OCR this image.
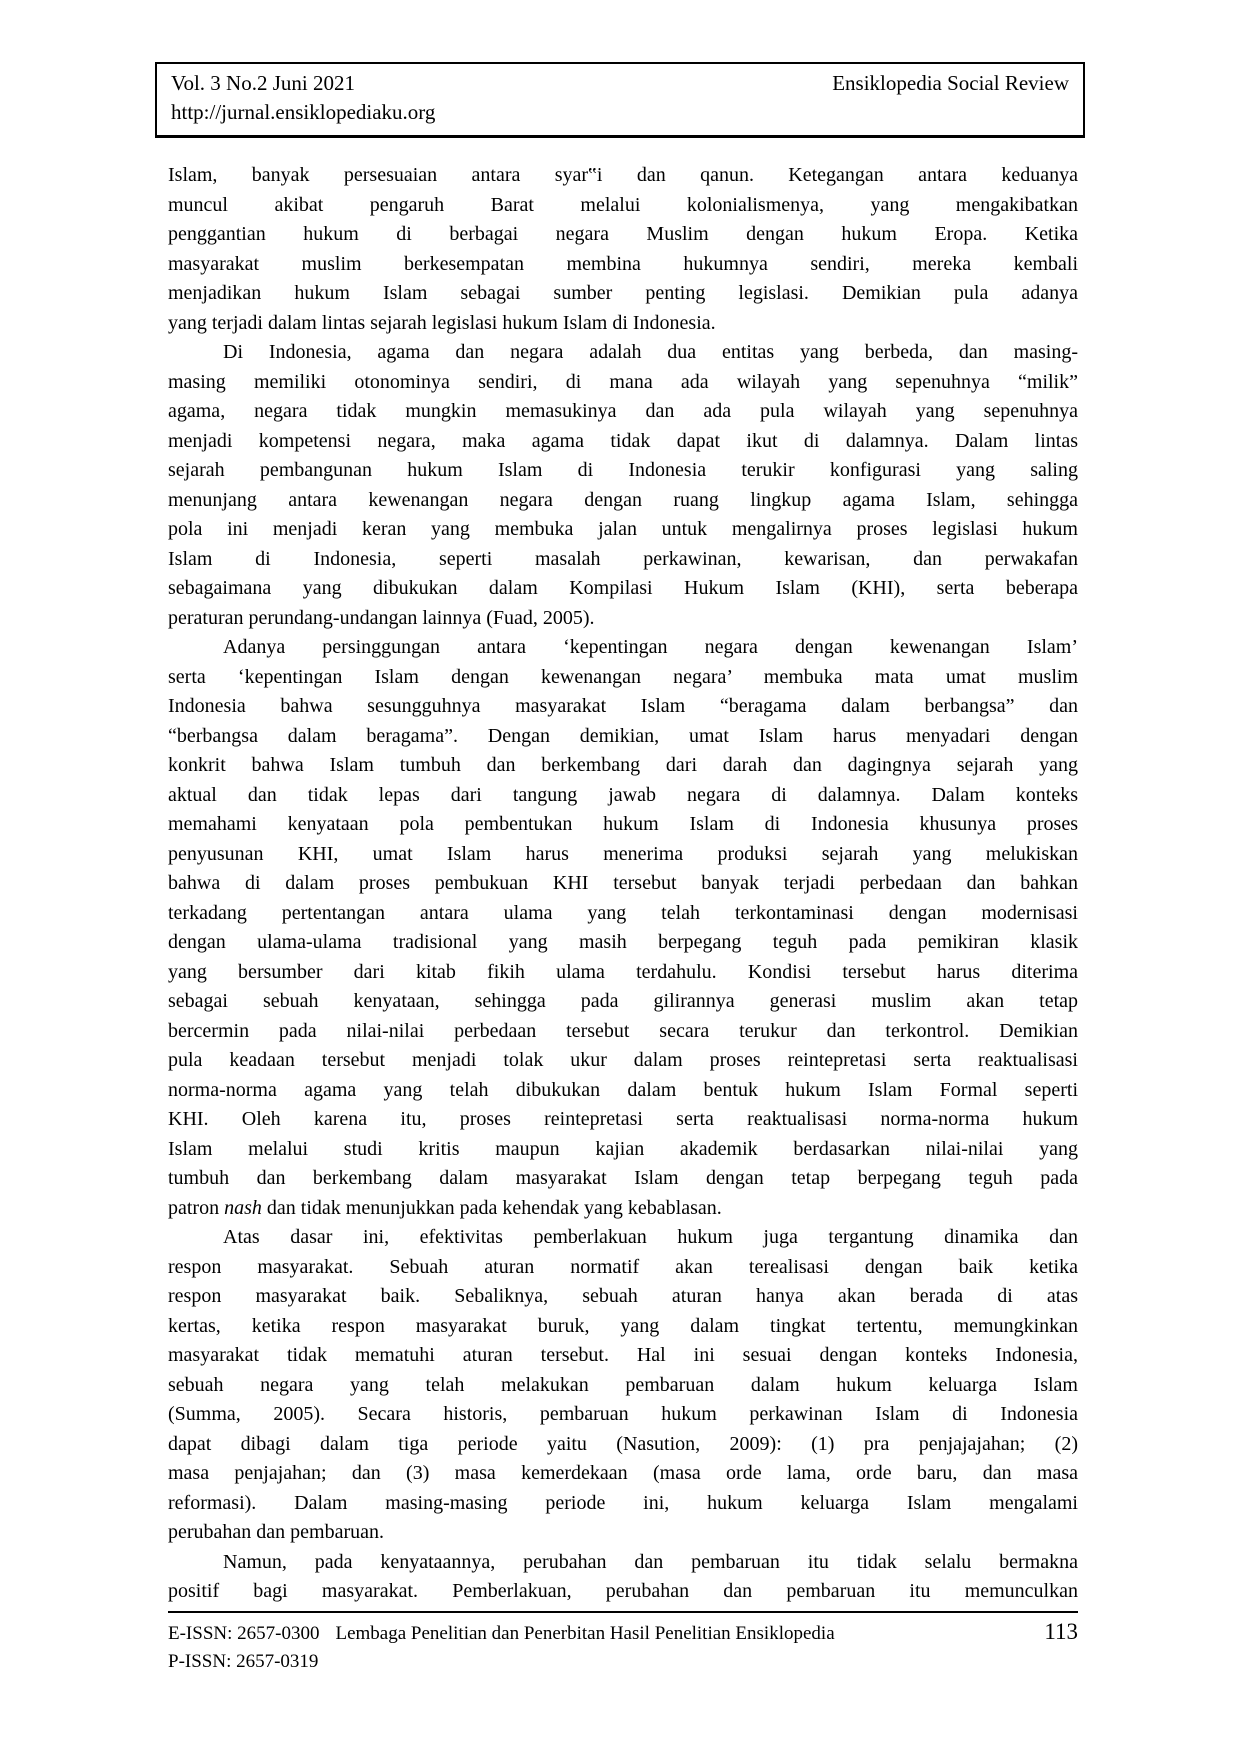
Vol. 3 No.2 Juni 2021	Ensiklopedia Social Review
http://jurnal.ensiklopediaku.org
Islam, banyak persesuaian antara syar‟i dan qanun. Ketegangan antara keduanya
muncul akibat pengaruh Barat melalui kolonialismenya, yang mengakibatkan
penggantian hukum di berbagai negara Muslim dengan hukum Eropa. Ketika
masyarakat muslim berkesempatan membina hukumnya sendiri, mereka kembali
menjadikan hukum Islam sebagai sumber penting legislasi. Demikian pula adanya
yang terjadi dalam lintas sejarah legislasi hukum Islam di Indonesia.
Di Indonesia, agama dan negara adalah dua entitas yang berbeda, dan masing-
masing memiliki otonominya sendiri, di mana ada wilayah yang sepenuhnya “milik”
agama, negara tidak mungkin memasukinya dan ada pula wilayah yang sepenuhnya
menjadi kompetensi negara, maka agama tidak dapat ikut di dalamnya. Dalam lintas
sejarah pembangunan hukum Islam di Indonesia terukir konfigurasi yang saling
menunjang antara kewenangan negara dengan ruang lingkup agama Islam, sehingga
pola ini menjadi keran yang membuka jalan untuk mengalirnya proses legislasi hukum
Islam di Indonesia, seperti masalah perkawinan, kewarisan, dan perwakafan
sebagaimana yang dibukukan dalam Kompilasi Hukum Islam (KHI), serta beberapa
peraturan perundang-undangan lainnya (Fuad, 2005).
Adanya persinggungan antara ‘kepentingan negara dengan kewenangan Islam’
serta ‘kepentingan Islam dengan kewenangan negara’ membuka mata umat muslim
Indonesia bahwa sesungguhnya masyarakat Islam “beragama dalam berbangsa” dan
“berbangsa dalam beragama”. Dengan demikian, umat Islam harus menyadari dengan
konkrit bahwa Islam tumbuh dan berkembang dari darah dan dagingnya sejarah yang
aktual dan tidak lepas dari tangung jawab negara di dalamnya. Dalam konteks
memahami kenyataan pola pembentukan hukum Islam di Indonesia khusunya proses
penyusunan KHI, umat Islam harus menerima produksi sejarah yang melukiskan
bahwa di dalam proses pembukuan KHI tersebut banyak terjadi perbedaan dan bahkan
terkadang pertentangan antara ulama yang telah terkontaminasi dengan modernisasi
dengan ulama-ulama tradisional yang masih berpegang teguh pada pemikiran klasik
yang bersumber dari kitab fikih ulama terdahulu. Kondisi tersebut harus diterima
sebagai sebuah kenyataan, sehingga pada gilirannya generasi muslim akan tetap
bercermin pada nilai-nilai perbedaan tersebut secara terukur dan terkontrol. Demikian
pula keadaan tersebut menjadi tolak ukur dalam proses reintepretasi serta reaktualisasi
norma-norma agama yang telah dibukukan dalam bentuk hukum Islam Formal seperti
KHI. Oleh karena itu, proses reintepretasi serta reaktualisasi norma-norma hukum
Islam melalui studi kritis maupun kajian akademik berdasarkan nilai-nilai yang
tumbuh dan berkembang dalam masyarakat Islam dengan tetap berpegang teguh pada
patron nash dan tidak menunjukkan pada kehendak yang kebablasan.
Atas dasar ini, efektivitas pemberlakuan hukum juga tergantung dinamika dan
respon masyarakat. Sebuah aturan normatif akan terealisasi dengan baik ketika
respon masyarakat baik. Sebaliknya, sebuah aturan hanya akan berada di atas
kertas, ketika respon masyarakat buruk, yang dalam tingkat tertentu, memungkinkan
masyarakat tidak mematuhi aturan tersebut. Hal ini sesuai dengan konteks Indonesia,
sebuah negara yang telah melakukan pembaruan dalam hukum keluarga Islam
(Summa, 2005). Secara historis, pembaruan hukum perkawinan Islam di Indonesia
dapat dibagi dalam tiga periode yaitu (Nasution, 2009): (1) pra penjajajahan; (2)
masa penjajahan; dan (3) masa kemerdekaan (masa orde lama, orde baru, dan masa
reformasi). Dalam masing-masing periode ini, hukum keluarga Islam mengalami
perubahan dan pembaruan.
Namun, pada kenyataannya, perubahan dan pembaruan itu tidak selalu bermakna
positif bagi masyarakat. Pemberlakuan, perubahan dan pembaruan itu memunculkan
E-ISSN: 2657-0300 Lembaga Penelitian dan Penerbitan Hasil Penelitian Ensiklopedia	113
P-ISSN: 2657-0319
